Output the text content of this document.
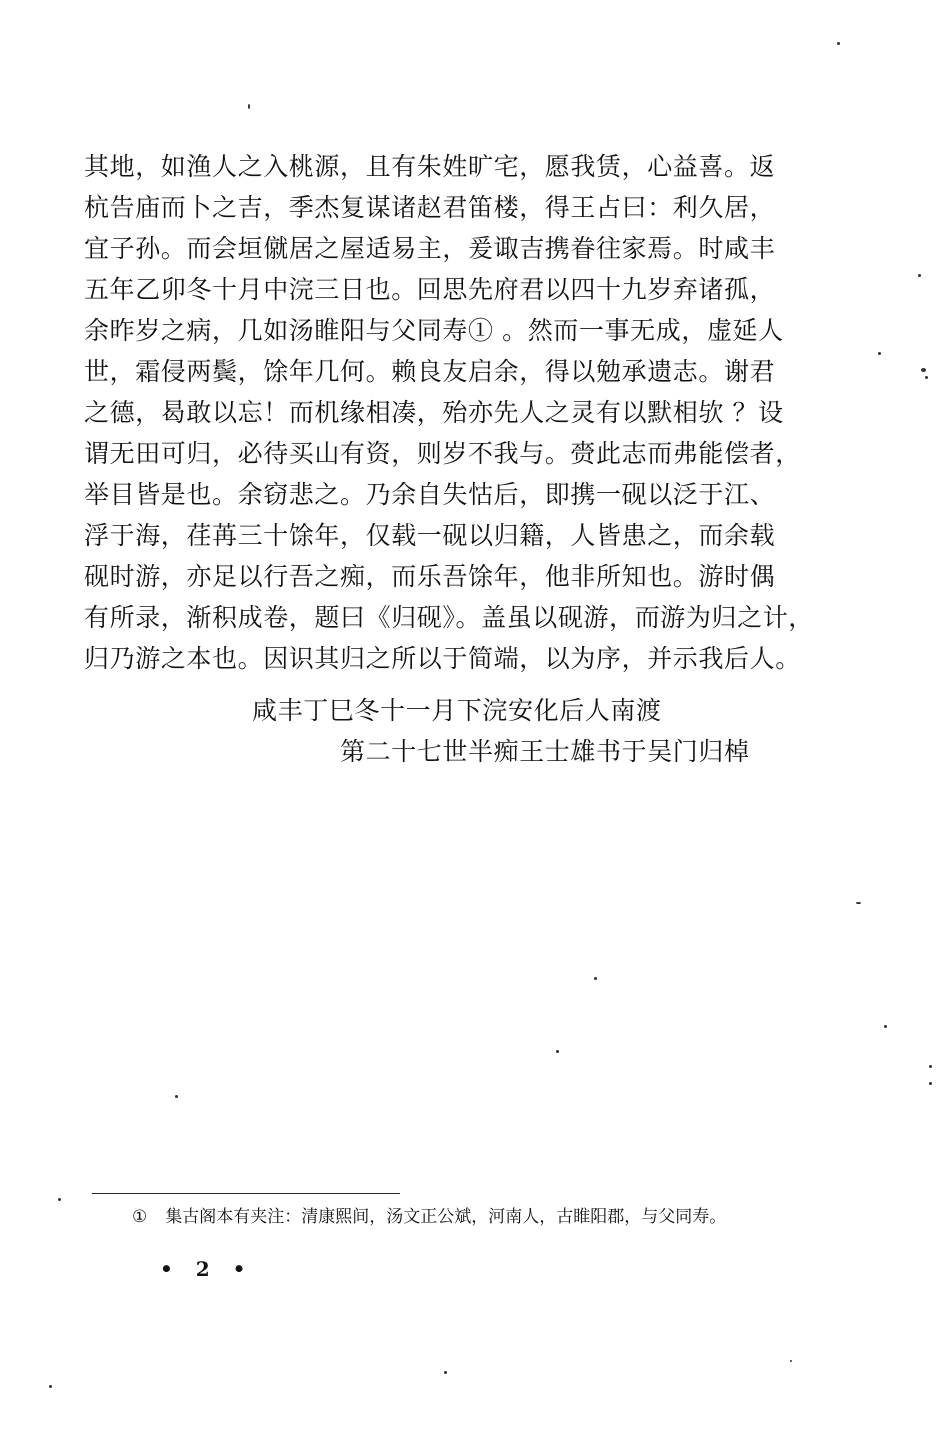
其地，如渔人之入桃源，且有朱姓旷宅，愿我赁，心益喜。返
杭告庙而卜之吉，季杰复谋诸赵君笛楼，得王占曰：利久居，
宜子孙。而会垣僦居之屋适易主，爰诹吉携眷往家焉。时咸丰
五年乙卯冬十月中浣三日也。回思先府君以四十九岁弃诸孤，
余昨岁之病，几如汤睢阳与父同寿① 。然而一事无成，虚延人
世，霜侵两鬓，馀年几何。赖良友启余，得以勉承遗志。谢君
之德，曷敢以忘！而机缘相凑，殆亦先人之灵有以默相欤 ？设
谓无田可归，必待买山有资，则岁不我与。赍此志而弗能偿者，
举目皆是也。余窃悲之。乃余自失怙后，即携一砚以泛于江、
浮于海，荏苒三十馀年，仅载一砚以归籍，人皆患之，而余载
砚时游，亦足以行吾之痴，而乐吾馀年，他非所知也。游时偶
有所录，渐积成卷，题曰《归砚》。盖虽以砚游，而游为归之计，
归乃游之本也。因识其归之所以于简端，以为序，并示我后人。
咸丰丁巳冬十一月下浣安化后人南渡
第二十七世半痴王士雄书于吴门归棹
① 集古阁本有夹注：清康熙间，汤文正公斌，河南人，古睢阳郡，与父同寿。
• 2 •
